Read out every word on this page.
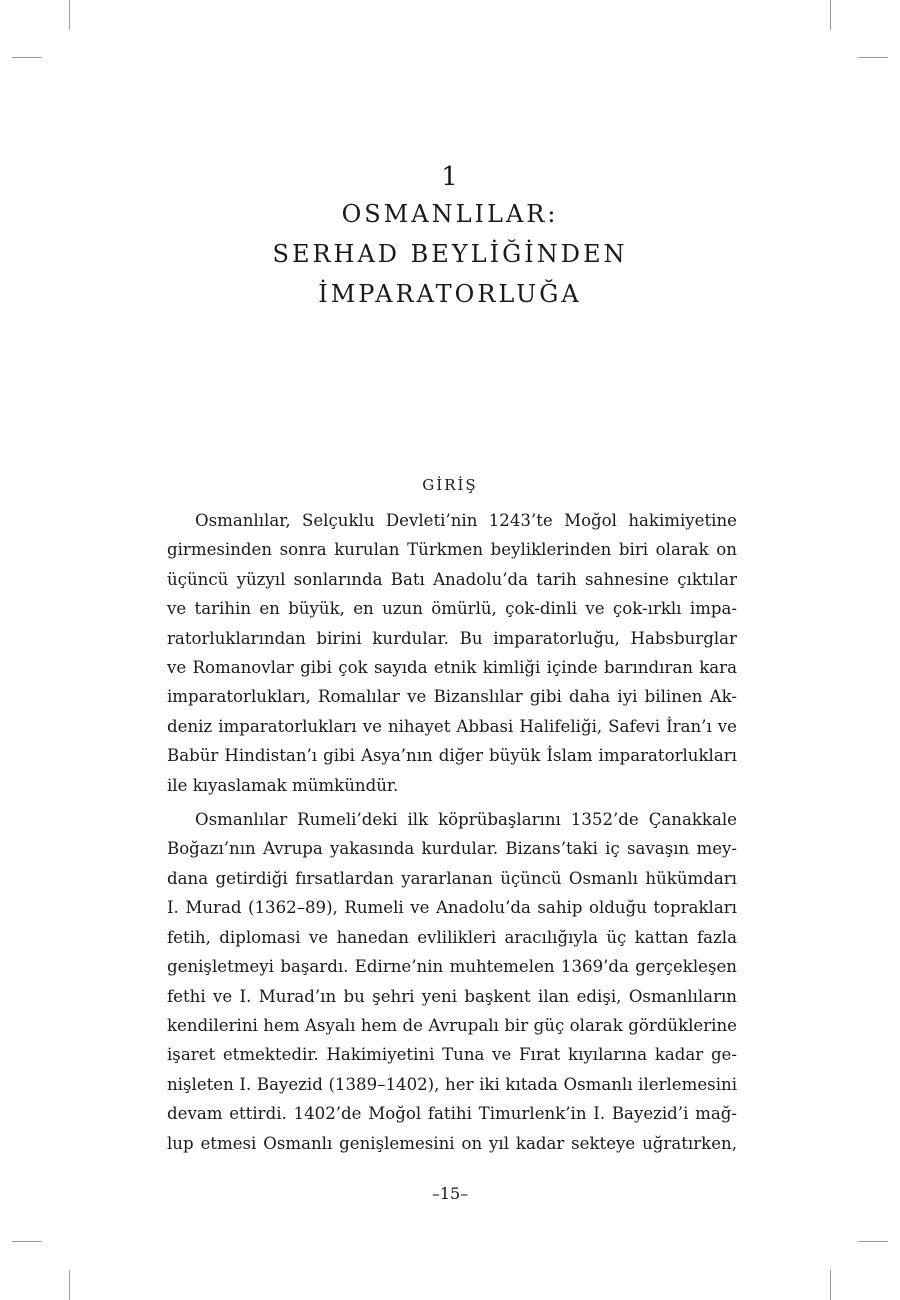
1
OSMANLILAR:
SERHAD BEYLİĞİNDEN
İMPARATORLUĞA
GİRİŞ
Osmanlılar, Selçuklu Devleti’nin 1243’te Moğol hakimiyetine
girmesinden sonra kurulan Türkmen beyliklerinden biri olarak on
üçüncü yüzyıl sonlarında Batı Anadolu’da tarih sahnesine çıktılar
ve tarihin en büyük, en uzun ömürlü, çok-dinli ve çok-ırklı impa-
ratorluklarından birini kurdular. Bu imparatorluğu, Habsburglar
ve Romanovlar gibi çok sayıda etnik kimliği içinde barındıran kara
imparatorlukları, Romalılar ve Bizanslılar gibi daha iyi bilinen Ak-
deniz imparatorlukları ve nihayet Abbasi Halifeliği, Safevi İran’ı ve
Babür Hindistan’ı gibi Asya’nın diğer büyük İslam imparatorlukları
ile kıyaslamak mümkündür.
Osmanlılar Rumeli’deki ilk köprübaşlarını 1352’de Çanakkale
Boğazı’nın Avrupa yakasında kurdular. Bizans’taki iç savaşın mey-
dana getirdiği fırsatlardan yararlanan üçüncü Osmanlı hükümdarı
I. Murad (1362–89), Rumeli ve Anadolu’da sahip olduğu toprakları
fetih, diplomasi ve hanedan evlilikleri aracılığıyla üç kattan fazla
genişletmeyi başardı. Edirne’nin muhtemelen 1369’da gerçekleşen
fethi ve I. Murad’ın bu şehri yeni başkent ilan edişi, Osmanlıların
kendilerini hem Asyalı hem de Avrupalı bir güç olarak gördüklerine
işaret etmektedir. Hakimiyetini Tuna ve Fırat kıyılarına kadar ge-
nişleten I. Bayezid (1389–1402), her iki kıtada Osmanlı ilerlemesini
devam ettirdi. 1402’de Moğol fatihi Timurlenk’in I. Bayezid’i mağ-
lup etmesi Osmanlı genişlemesini on yıl kadar sekteye uğratırken,
–15–
